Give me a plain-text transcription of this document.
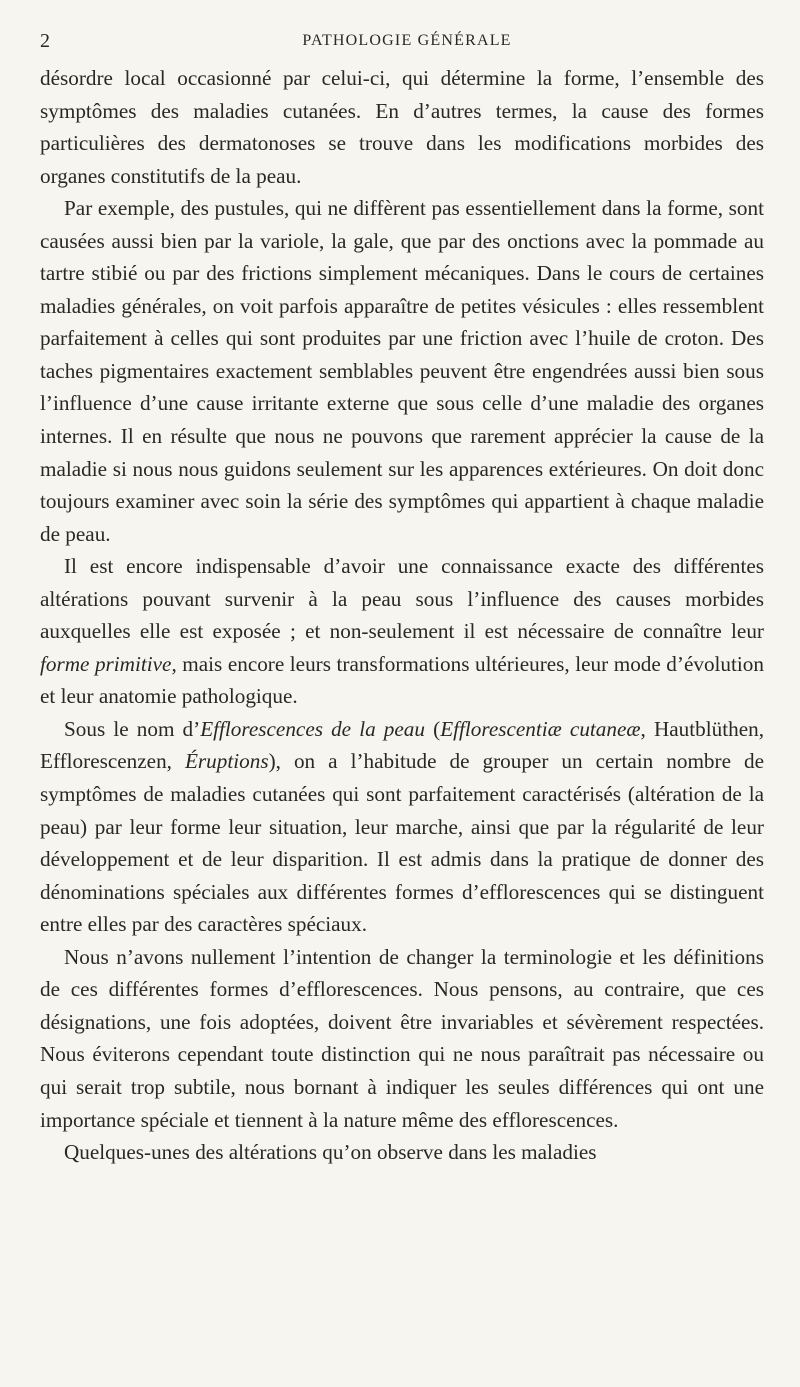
2	PATHOLOGIE GÉNÉRALE

désordre local occasionné par celui-ci, qui détermine la forme, l’ensemble des symptômes des maladies cutanées. En d’autres termes, la cause des formes particulières des dermatonoses se trouve dans les modifications morbides des organes constitutifs de la peau.

Par exemple, des pustules, qui ne diffèrent pas essentiellement dans la forme, sont causées aussi bien par la variole, la gale, que par des onctions avec la pommade au tartre stibié ou par des frictions simplement mécaniques. Dans le cours de certaines maladies générales, on voit parfois apparaître de petites vésicules : elles ressemblent parfaitement à celles qui sont produites par une friction avec l’huile de croton. Des taches pigmentaires exactement semblables peuvent être engendrées aussi bien sous l’influence d’une cause irritante externe que sous celle d’une maladie des organes internes. Il en résulte que nous ne pouvons que rarement apprécier la cause de la maladie si nous nous guidons seulement sur les apparences extérieures. On doit donc toujours examiner avec soin la série des symptômes qui appartient à chaque maladie de peau.

Il est encore indispensable d’avoir une connaissance exacte des différentes altérations pouvant survenir à la peau sous l’influence des causes morbides auxquelles elle est exposée ; et non-seulement il est nécessaire de connaître leur forme primitive, mais encore leurs transformations ultérieures, leur mode d’évolution et leur anatomie pathologique.

Sous le nom d’Efflorescences de la peau (Efflorescentiæ cutaneæ, Hautblüthen, Efflorescenzen, Éruptions), on a l’habitude de grouper un certain nombre de symptômes de maladies cutanées qui sont parfaitement caractérisés (altération de la peau) par leur forme leur situation, leur marche, ainsi que par la régularité de leur développement et de leur disparition. Il est admis dans la pratique de donner des dénominations spéciales aux différentes formes d’efflorescences qui se distinguent entre elles par des caractères spéciaux.

Nous n’avons nullement l’intention de changer la terminologie et les définitions de ces différentes formes d’efflorescences. Nous pensons, au contraire, que ces désignations, une fois adoptées, doivent être invariables et sévèrement respectées. Nous éviterons cependant toute distinction qui ne nous paraîtrait pas nécessaire ou qui serait trop subtile, nous bornant à indiquer les seules différences qui ont une importance spéciale et tiennent à la nature même des efflorescences.

Quelques-unes des altérations qu’on observe dans les maladies
